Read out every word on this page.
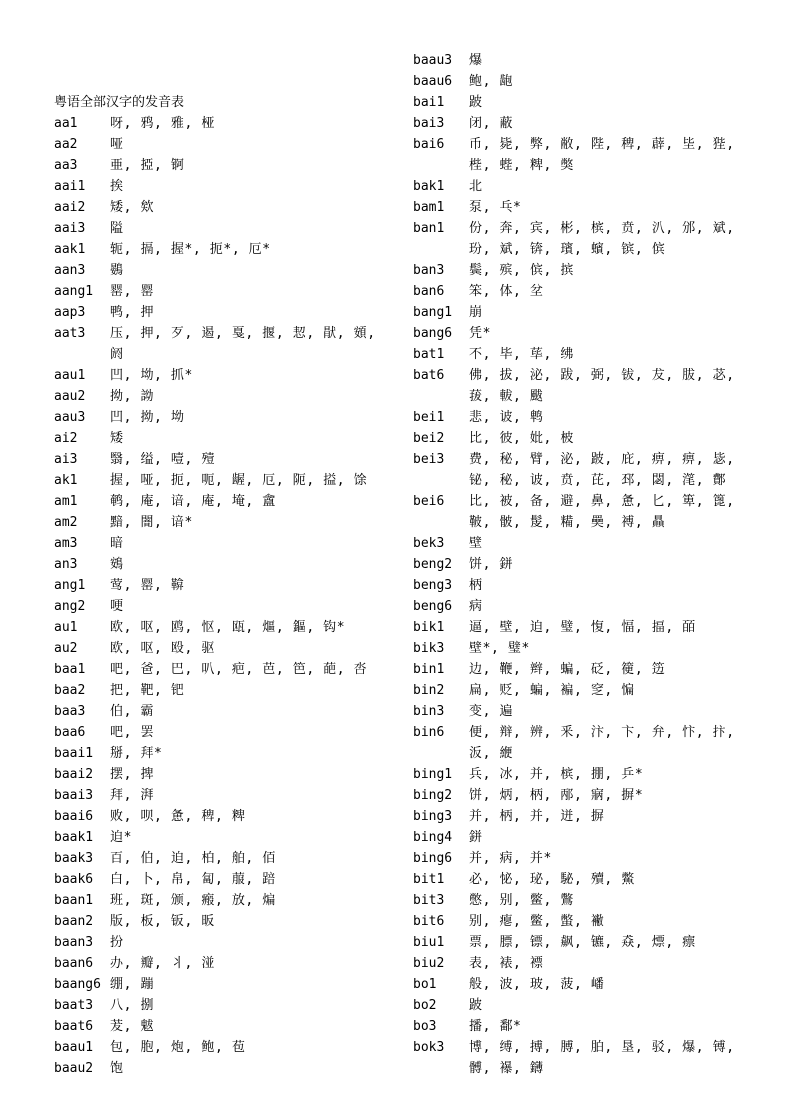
粤语全部汉字的发音表
aa1	呀, 鸦, 雅, 桠
aa2	哑
aa3	亜, 掗, 锕
aai1 挨
aai2 矮, 欸
aai3 隘
aak1 轭, 搹, 握*, 扼*, 厄*
aan3 鷃
aang1 罂, 罂
aap3 鸭, 押
aat3 压, 押, 歹, 遏, 戛, 揠, 恝, 猒, 頞, 阏
aau1 凹, 坳, 抓*
aau2 拗, 詏
aau3 凹, 拗, 坳
ai2	矮
ai3	翳, 缢, 噎, 殪
ak1	握, 哑, 扼, 呃, 龌, 厄, 阨, 搤, 馀
am1	鹌, 庵, 谙, 庵, 埯, 盦
am2	黯, 闇, 谙*
am3	暗
an3	鴳
ang1 莺, 罂, 鞥
ang2 哽
au1	欧, 呕, 鸥, 怄, 瓯, 熰, 鏂, 钩*
au2	欧, 呕, 殴, 驱
baa1 吧, 爸, 巴, 叭, 疤, 芭, 笆, 葩, 呇
baa2 把, 靶, 钯
baa3 伯, 霸
baa6 吧, 罢
baai1 掰, 拜*
baai2 摆, 捭
baai3 拜, 湃
baai6 败, 呗, 惫, 稗, 粺
baak1 迫*
baak3 百, 伯, 迫, 柏, 舶, 佰
baak6 白, 卜, 帛, 匐, 菔, 踣
baan1 班, 斑, 颁, 瘢, 放, 煸
baan2 版, 板, 钣, 昄
baan3 扮
baan6 办, 瓣, 丬, 湴
baang6 绷, 蹦
baat3 八, 捌
baat6 茇, 魃
baau1 包, 胞, 炮, 鲍, 苞
baau2 饱
baau3 爆
baau6 鲍, 龅
bai1 跛
bai3 闭, 蔽
bai6 币, 毙, 弊, 敝, 陛, 稗, 薜, 坒, 狴, 梐, 蜌, 粺, 獘
bak1 北
bam1 泵, 乓*
ban1 份, 奔, 宾, 彬, 槟, 贲, 汃, 邠, 斌, 玢, 斌, 锛, 璸, 蠙, 镔, 傧
ban3 鬓, 殡, 傧, 摈
ban6 笨, 体, 坌
bang1 崩
bang6 凭*
bat1 不, 毕, 荜, 绋
bat6 佛, 拔, 泌, 跋, 弼, 钹, 犮, 胈, 苾, 菝, 軷, 颰
bei1 悲, 诐, 鹎
bei2 比, 彼, 妣, 柀
bei3 费, 秘, 臂, 泌, 跛, 庇, 痹, 痹, 毖, 铋, 秘, 诐, 贲, 芘, 邳, 閟, 滗, 鄪
bei6 比, 被, 备, 避, 鼻, 惫, 匕, 箄, 篦, 鞁, 骳, 髲, 糒, 奰, 禣, 贔
bek3 壁
beng2 饼, 鉼
beng3 柄
beng6 病
bik1 逼, 壁, 迫, 璧, 愎, 愊, 揊, 皕
bik3 壁*, 璧*
bin1 边, 鞭, 辫, 蝙, 砭, 箯, 笾
bin2 扁, 贬, 蝙, 褊, 窆, 惼
bin3 变, 遍
bin6 便, 辩, 辨, 釆, 汴, 卞, 弁, 忭, 抃, 汳, 緶
bing1 兵, 冰, 并, 槟, 掤, 乒*
bing2 饼, 炳, 柄, 邴, 寎, 摒*
bing3 并, 柄, 并, 迸, 摒
bing4 鉼
bing6 并, 病, 并*
bit1 必, 怭, 珌, 駜, 殰, 鱉
bit3 憋, 别, 鳖, 鷩
bit6 别, 瘪, 鳖, 蟞, 襒
biu1 票, 膘, 镖, 飙, 镳, 猋, 熛, 瘭
biu2 表, 裱, 褾
bo1	般, 波, 玻, 菠, 嶓
bo2	跛
bo3	播, 鄱*
bok3 博, 缚, 搏, 膊, 胉, 垦, 驳, 爆, 镈, 髆, 襮, 鑮
